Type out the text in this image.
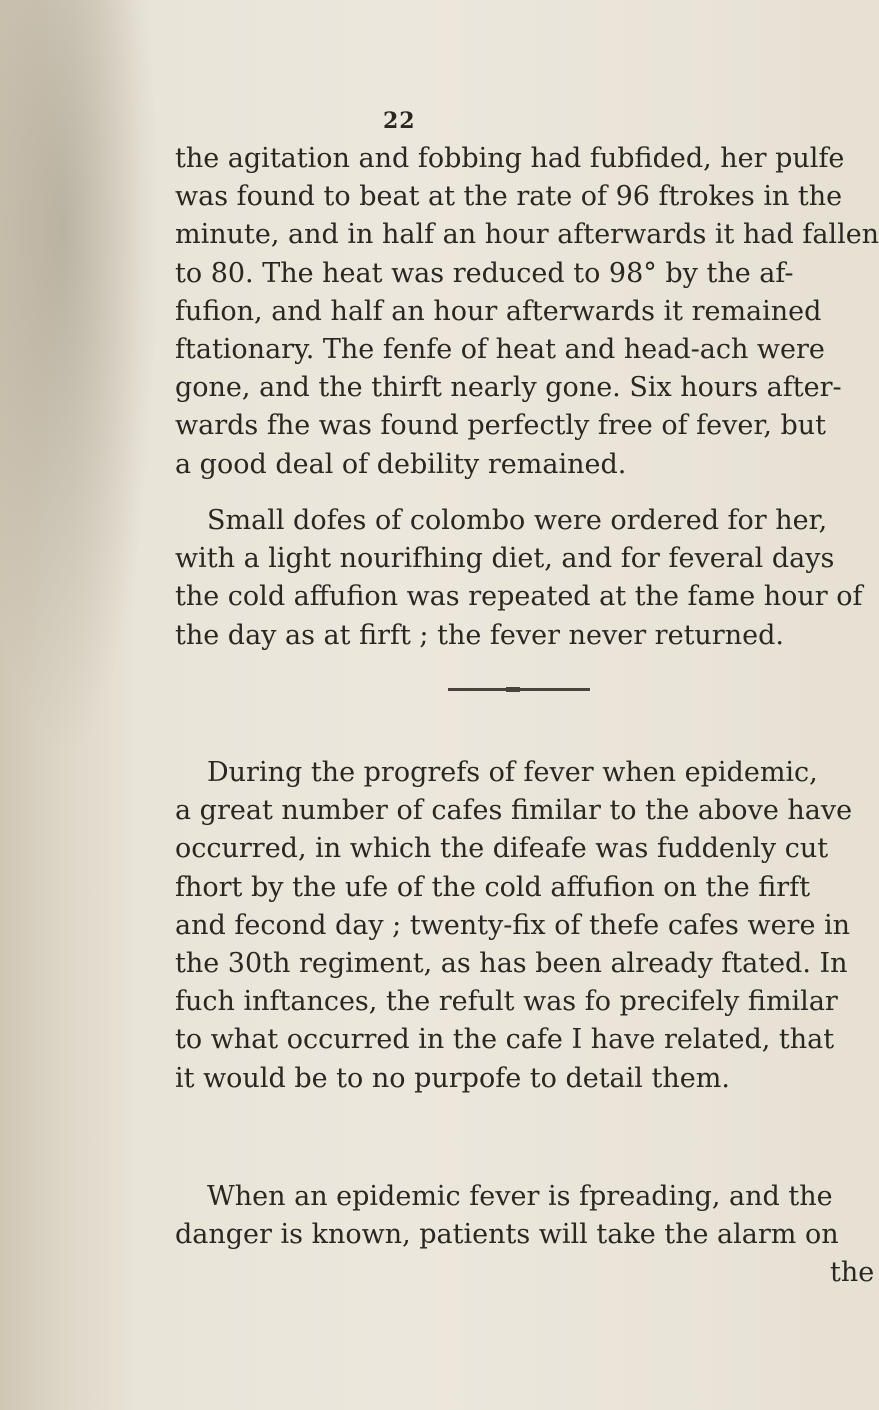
22
the agitation and fobbing had fubfided, her pulfe
was found to beat at the rate of 96 ftrokes in the
minute, and in half an hour afterwards it had fallen
to 80. The heat was reduced to 98° by the af-
fufion, and half an hour afterwards it remained
ftationary. The fenfe of heat and head-ach were
gone, and the thirft nearly gone. Six hours after-
wards fhe was found perfectly free of fever, but
a good deal of debility remained.
Small dofes of colombo were ordered for her,
with a light nourifhing diet, and for feveral days
the cold affufion was repeated at the fame hour of
the day as at firft ; the fever never returned.
During the progrefs of fever when epidemic,
a great number of cafes fimilar to the above have
occurred, in which the difeafe was fuddenly cut
fhort by the ufe of the cold affufion on the firft
and fecond day ; twenty-fix of thefe cafes were in
the 30th regiment, as has been already ftated. In
fuch inftances, the refult was fo precifely fimilar
to what occurred in the cafe I have related, that
it would be to no purpofe to detail them.
When an epidemic fever is fpreading, and the
danger is known, patients will take the alarm on
the
